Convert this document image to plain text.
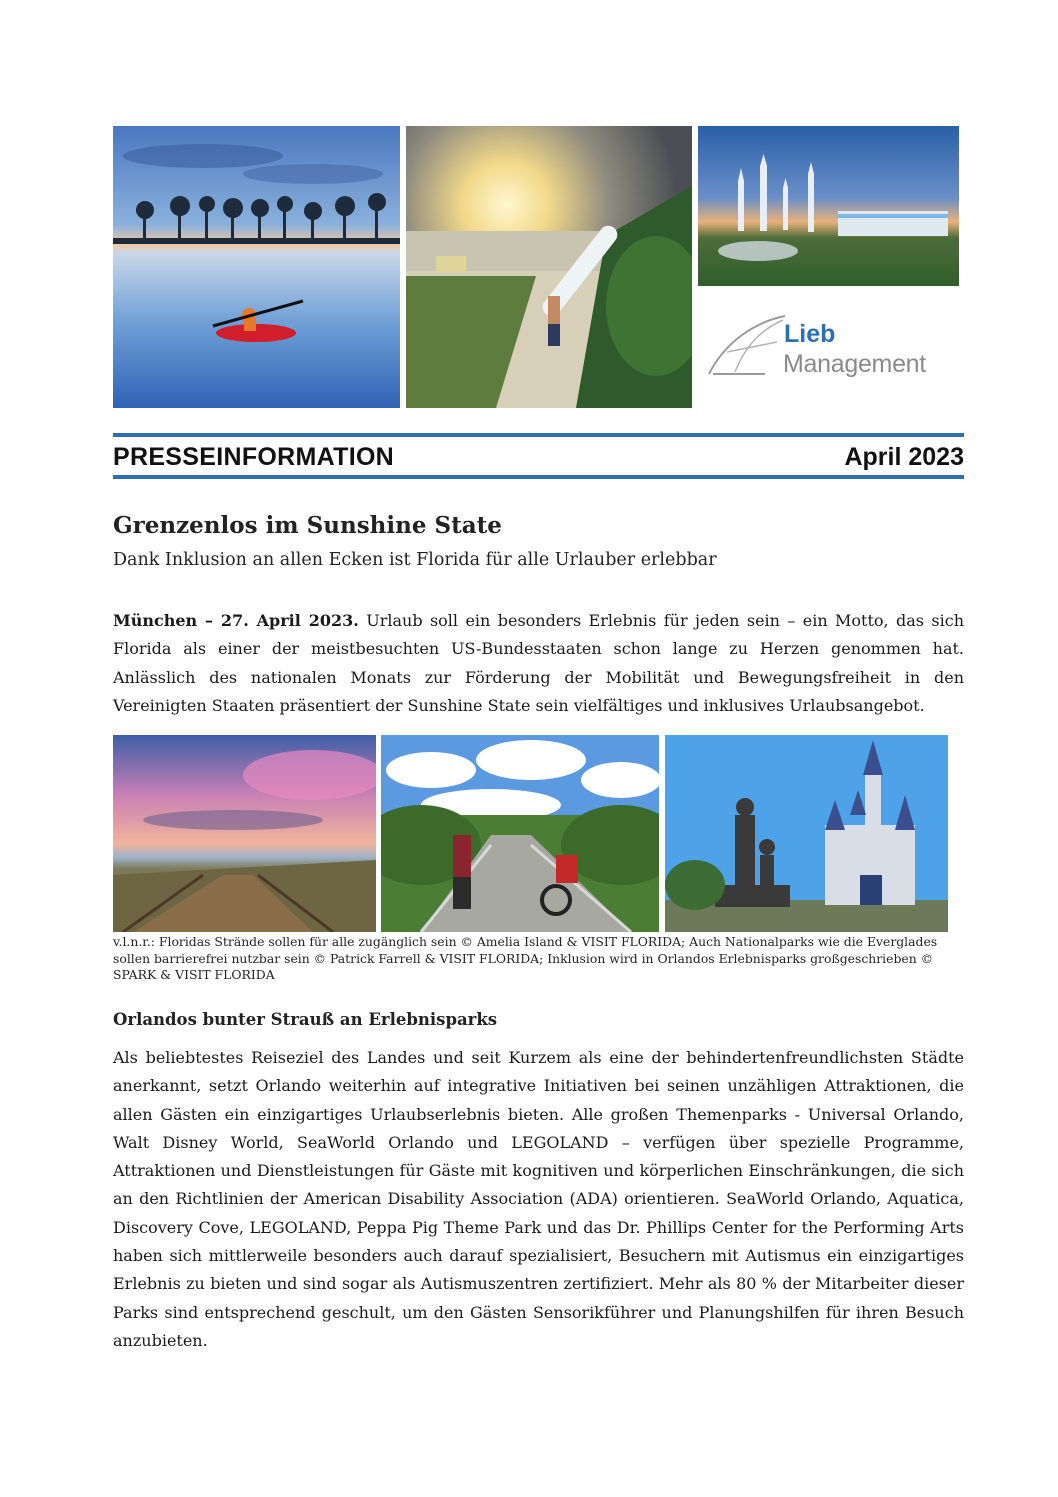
Lieb
Management
PRESSEINFORMATION	April 2023
Grenzenlos im Sunshine State
Dank Inklusion an allen Ecken ist Florida für alle Urlauber erlebbar
München – 27. April 2023. Urlaub soll ein besonders Erlebnis für jeden sein – ein Motto, das sich Florida als einer der meistbesuchten US-Bundesstaaten schon lange zu Herzen genommen hat. Anlässlich des nationalen Monats zur Förderung der Mobilität und Bewegungsfreiheit in den Vereinigten Staaten präsentiert der Sunshine State sein vielfältiges und inklusives Urlaubsangebot.
v.l.n.r.: Floridas Strände sollen für alle zugänglich sein © Amelia Island & VISIT FLORIDA; Auch Nationalparks wie die Everglades sollen barrierefrei nutzbar sein © Patrick Farrell & VISIT FLORIDA; Inklusion wird in Orlandos Erlebnisparks großgeschrieben © SPARK & VISIT FLORIDA
Orlandos bunter Strauß an Erlebnisparks
Als beliebtestes Reiseziel des Landes und seit Kurzem als eine der behindertenfreundlichsten Städte anerkannt, setzt Orlando weiterhin auf integrative Initiativen bei seinen unzähligen Attraktionen, die allen Gästen ein einzigartiges Urlaubserlebnis bieten. Alle großen Themenparks - Universal Orlando, Walt Disney World, SeaWorld Orlando und LEGOLAND – verfügen über spezielle Programme, Attraktionen und Dienstleistungen für Gäste mit kognitiven und körperlichen Einschränkungen, die sich an den Richtlinien der American Disability Association (ADA) orientieren. SeaWorld Orlando, Aquatica, Discovery Cove, LEGOLAND, Peppa Pig Theme Park und das Dr. Phillips Center for the Performing Arts haben sich mittlerweile besonders auch darauf spezialisiert, Besuchern mit Autismus ein einzigartiges Erlebnis zu bieten und sind sogar als Autismuszentren zertifiziert. Mehr als 80 % der Mitarbeiter dieser Parks sind entsprechend geschult, um den Gästen Sensorikführer und Planungshilfen für ihren Besuch anzubieten.
